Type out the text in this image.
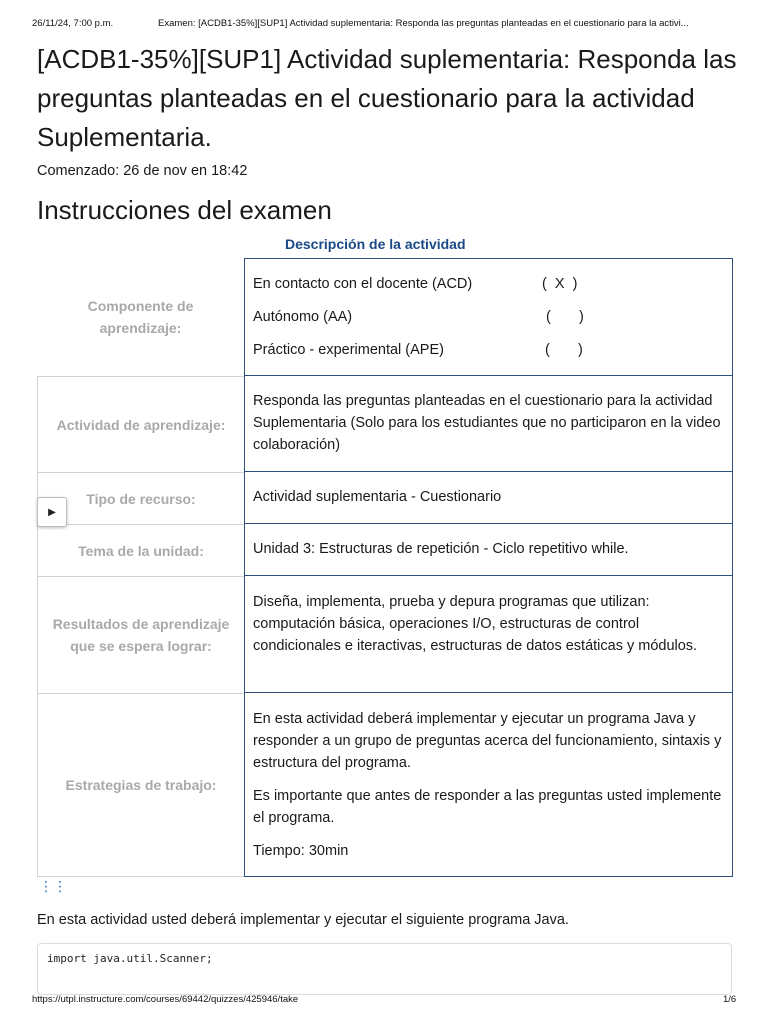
26/11/24, 7:00 p.m.	Examen: [ACDB1-35%][SUP1] Actividad suplementaria: Responda las preguntas planteadas en el cuestionario para la activi...
[ACDB1-35%][SUP1] Actividad suplementaria: Responda las preguntas planteadas en el cuestionario para la actividad Suplementaria.
Comenzado: 26 de nov en 18:42
Instrucciones del examen
Descripción de la actividad
Componente de aprendizaje:
En contacto con el docente (ACD)	(  X  )
Autónomo (AA)	(       )
Práctico - experimental (APE)	(       )
Actividad de aprendizaje:
Responda las preguntas planteadas en el cuestionario para la actividad Suplementaria (Solo para los estudiantes que no participaron en la video colaboración)
Tipo de recurso:	Actividad suplementaria - Cuestionario
Tema de la unidad:	Unidad 3: Estructuras de repetición - Ciclo repetitivo while.
Resultados de aprendizaje que se espera lograr:
Diseña, implementa, prueba y depura programas que utilizan: computación básica, operaciones I/O, estructuras de control condicionales e iteractivas, estructuras de datos estáticas y módulos.
Estrategias de trabajo:
En esta actividad deberá implementar y ejecutar un programa Java y responder a un grupo de preguntas acerca del funcionamiento, sintaxis y estructura del programa.
Es importante que antes de responder a las preguntas usted implemente el programa.
Tiempo: 30min
▶
⋮⋮
En esta actividad usted deberá implementar y ejecutar el siguiente programa Java.
import java.util.Scanner;
https://utpl.instructure.com/courses/69442/quizzes/425946/take	1/6
